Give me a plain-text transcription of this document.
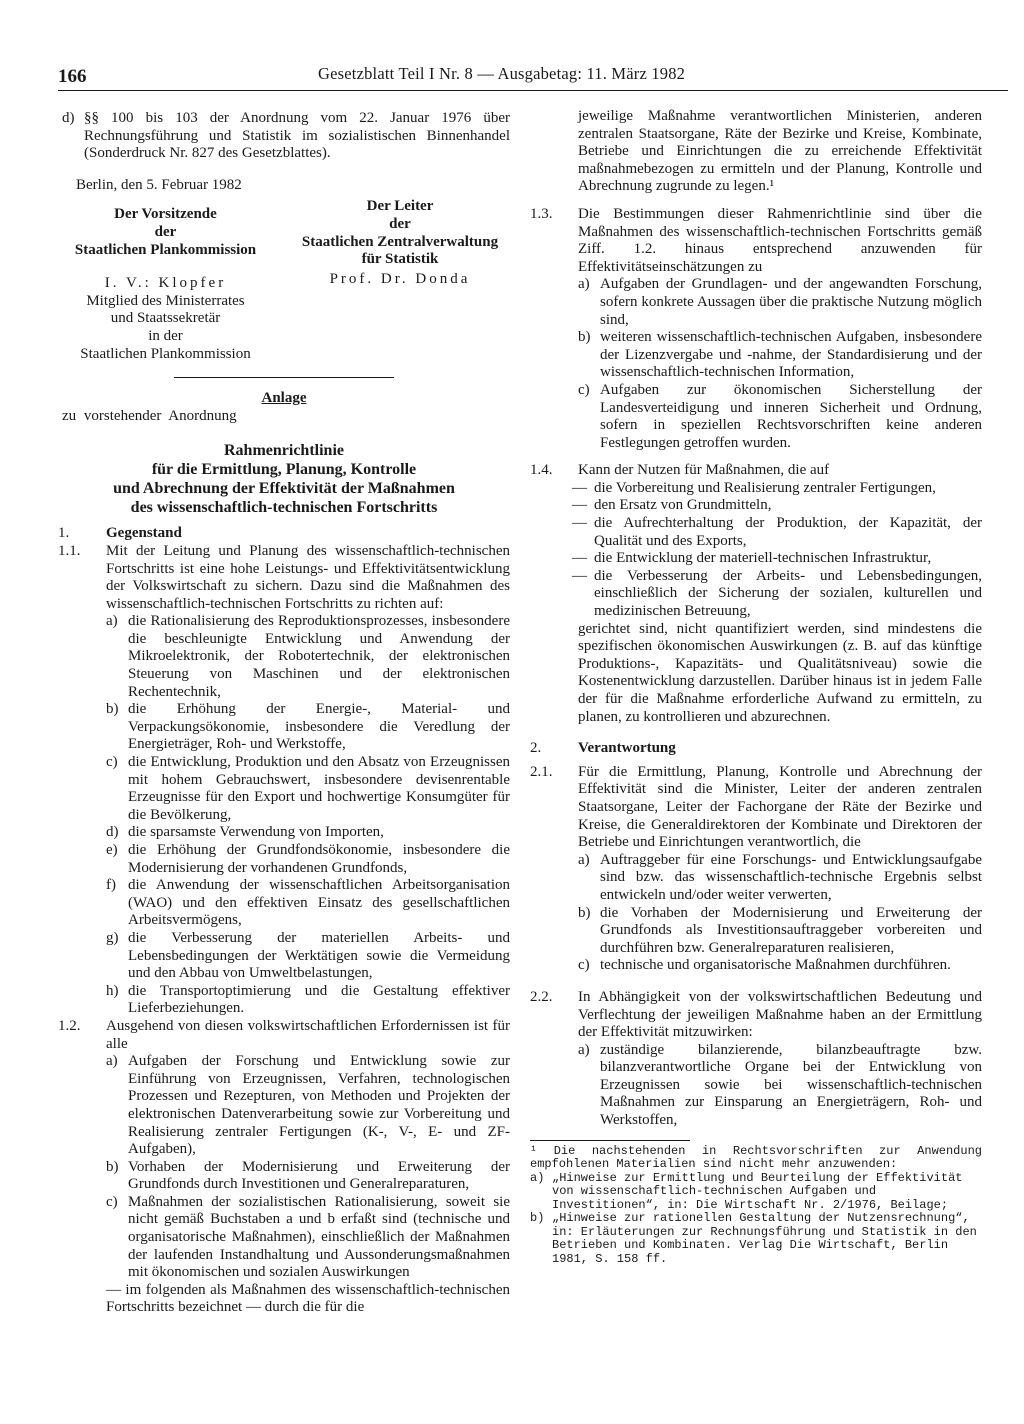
166	Gesetzblatt Teil I Nr. 8 — Ausgabetag: 11. März 1982
d) §§ 100 bis 103 der Anordnung vom 22. Januar 1976 über Rechnungsführung und Statistik im sozialistischen Binnenhandel (Sonderdruck Nr. 827 des Gesetzblattes).

Berlin, den 5. Februar 1982

Der Vorsitzende

der

Staatlichen Plankommission

I. V.: Klopfer

Mitglied des Ministerrates

und Staatssekretär

in der

Staatlichen Plankommission

Der Leiter

der

Staatlichen Zentralverwaltung

für Statistik

Prof. Dr. Donda

Anlage

zu vorstehender Anordnung

Rahmenrichtlinie

für die Ermittlung, Planung, Kontrolle

und Abrechnung der Effektivität der Maßnahmen

des wissenschaftlich-technischen Fortschritts

1.	Gegenstand
1.1.	Mit der Leitung und Planung des wissenschaftlich-technischen Fortschritts ist eine hohe Leistungs- und Effektivitätsentwicklung der Volkswirtschaft zu sichern. Dazu sind die Maßnahmen des wissenschaftlich-technischen Fortschritts zu richten auf:
a) die Rationalisierung des Reproduktionsprozesses, insbesondere die beschleunigte Entwicklung und Anwendung der Mikroelektronik, der Robotertechnik, der elektronischen Steuerung von Maschinen und der elektronischen Rechentechnik,
b) die Erhöhung der Energie-, Material- und Verpackungsökonomie, insbesondere die Veredlung der Energieträger, Roh- und Werkstoffe,
c) die Entwicklung, Produktion und den Absatz von Erzeugnissen mit hohem Gebrauchswert, insbesondere devisenrentable Erzeugnisse für den Export und hochwertige Konsumgüter für die Bevölkerung,
d) die sparsamste Verwendung von Importen,
e) die Erhöhung der Grundfondsökonomie, insbesondere die Modernisierung der vorhandenen Grundfonds,
f) die Anwendung der wissenschaftlichen Arbeitsorganisation (WAO) und den effektiven Einsatz des gesellschaftlichen Arbeitsvermögens,
g) die Verbesserung der materiellen Arbeits- und Lebensbedingungen der Werktätigen sowie die Vermeidung und den Abbau von Umweltbelastungen,
h) die Transportoptimierung und die Gestaltung effektiver Lieferbeziehungen.
1.2.	Ausgehend von diesen volkswirtschaftlichen Erfordernissen ist für alle
a) Aufgaben der Forschung und Entwicklung sowie zur Einführung von Erzeugnissen, Verfahren, technologischen Prozessen und Rezepturen, von Methoden und Projekten der elektronischen Datenverarbeitung sowie zur Vorbereitung und Realisierung zentraler Fertigungen (K-, V-, E- und ZF-Aufgaben),
b) Vorhaben der Modernisierung und Erweiterung der Grundfonds durch Investitionen und Generalreparaturen,
c) Maßnahmen der sozialistischen Rationalisierung, soweit sie nicht gemäß Buchstaben a und b erfaßt sind (technische und organisatorische Maßnahmen), einschließlich der Maßnahmen der laufenden Instandhaltung und Aussonderungsmaßnahmen mit ökonomischen und sozialen Auswirkungen

— im folgenden als Maßnahmen des wissenschaftlich-technischen Fortschritts bezeichnet — durch die für die

jeweilige Maßnahme verantwortlichen Ministerien, anderen zentralen Staatsorgane, Räte der Bezirke und Kreise, Kombinate, Betriebe und Einrichtungen die zu erreichende Effektivität maßnahmebezogen zu ermitteln und der Planung, Kontrolle und Abrechnung zugrunde zu legen.¹

1.3.	Die Bestimmungen dieser Rahmenrichtlinie sind über die Maßnahmen des wissenschaftlich-technischen Fortschritts gemäß Ziff. 1.2. hinaus entsprechend anzuwenden für Effektivitätseinschätzungen zu
a) Aufgaben der Grundlagen- und der angewandten Forschung, sofern konkrete Aussagen über die praktische Nutzung möglich sind,
b) weiteren wissenschaftlich-technischen Aufgaben, insbesondere der Lizenzvergabe und -nahme, der Standardisierung und der wissenschaftlich-technischen Information,
c) Aufgaben zur ökonomischen Sicherstellung der Landesverteidigung und inneren Sicherheit und Ordnung, sofern in speziellen Rechtsvorschriften keine anderen Festlegungen getroffen wurden.
1.4.	Kann der Nutzen für Maßnahmen, die auf
— die Vorbereitung und Realisierung zentraler Fertigungen,
— den Ersatz von Grundmitteln,
— die Aufrechterhaltung der Produktion, der Kapazität, der Qualität und des Exports,
— die Entwicklung der materiell-technischen Infrastruktur,
— die Verbesserung der Arbeits- und Lebensbedingungen, einschließlich der Sicherung der sozialen, kulturellen und medizinischen Betreuung,

gerichtet sind, nicht quantifiziert werden, sind mindestens die spezifischen ökonomischen Auswirkungen (z. B. auf das künftige Produktions-, Kapazitäts- und Qualitätsniveau) sowie die Kostenentwicklung darzustellen. Darüber hinaus ist in jedem Falle der für die Maßnahme erforderliche Aufwand zu ermitteln, zu planen, zu kontrollieren und abzurechnen.

2.	Verantwortung
2.1.	Für die Ermittlung, Planung, Kontrolle und Abrechnung der Effektivität sind die Minister, Leiter der anderen zentralen Staatsorgane, Leiter der Fachorgane der Räte der Bezirke und Kreise, die Generaldirektoren der Kombinate und Direktoren der Betriebe und Einrichtungen verantwortlich, die
a) Auftraggeber für eine Forschungs- und Entwicklungsaufgabe sind bzw. das wissenschaftlich-technische Ergebnis selbst entwickeln und/oder weiter verwerten,
b) die Vorhaben der Modernisierung und Erweiterung der Grundfonds als Investitionsauftraggeber vorbereiten und durchführen bzw. Generalreparaturen realisieren,
c) technische und organisatorische Maßnahmen durchführen.
2.2.	In Abhängigkeit von der volkswirtschaftlichen Bedeutung und Verflechtung der jeweiligen Maßnahme haben an der Ermittlung der Effektivität mitzuwirken:
a) zuständige bilanzierende, bilanzbeauftragte bzw. bilanzverantwortliche Organe bei der Entwicklung von Erzeugnissen sowie bei wissenschaftlich-technischen Maßnahmen zur Einsparung an Energieträgern, Roh- und Werkstoffen,

¹ Die nachstehenden in Rechtsvorschriften zur Anwendung empfohlenen Materialien sind nicht mehr anzuwenden:

a) „Hinweise zur Ermittlung und Beurteilung der Effektivität von wissenschaftlich-technischen Aufgaben und Investitionen“, in: Die Wirtschaft Nr. 2/1976, Beilage;
b) „Hinweise zur rationellen Gestaltung der Nutzensrechnung“, in: Erläuterungen zur Rechnungsführung und Statistik in den Betrieben und Kombinaten. Verlag Die Wirtschaft, Berlin 1981, S. 158 ff.
